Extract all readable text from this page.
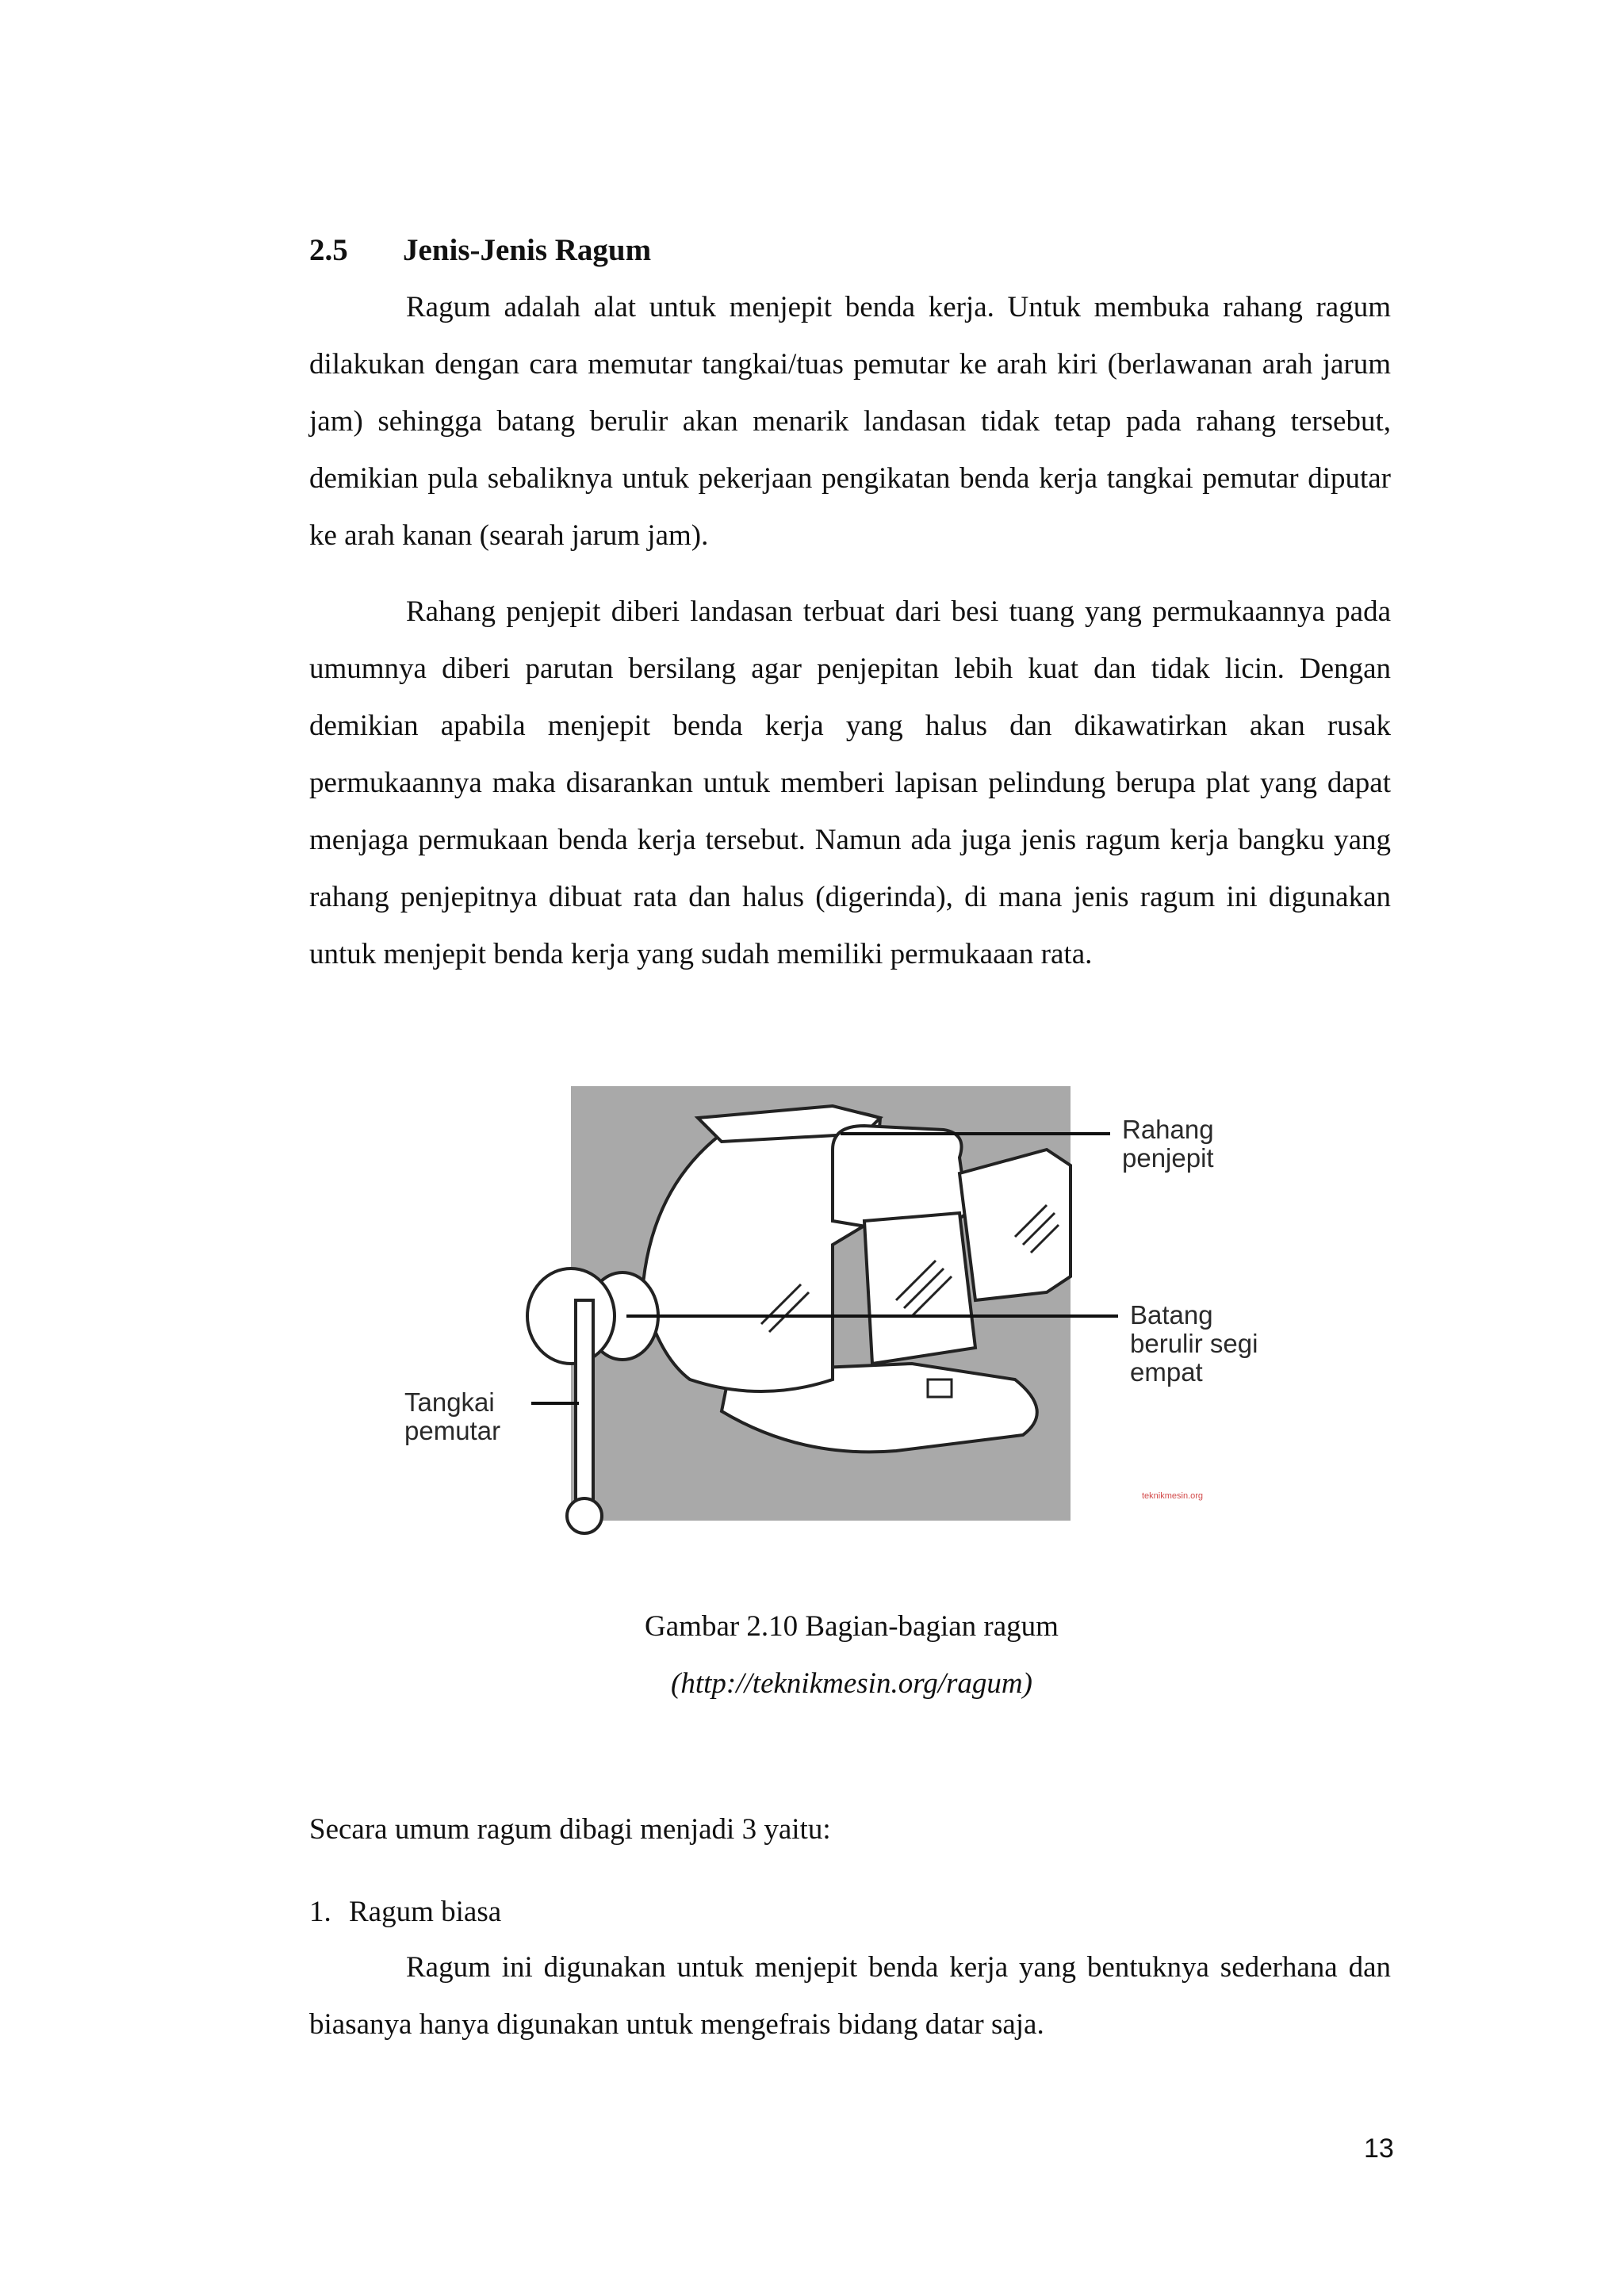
2.5 Jenis-Jenis Ragum

Ragum adalah alat untuk menjepit benda kerja. Untuk membuka rahang ragum dilakukan dengan cara memutar tangkai/tuas pemutar ke arah kiri (berlawanan arah jarum jam) sehingga batang berulir akan menarik landasan tidak tetap pada rahang tersebut, demikian pula sebaliknya untuk pekerjaan pengikatan benda kerja tangkai pemutar diputar ke arah kanan (searah jarum jam).

Rahang penjepit diberi landasan terbuat dari besi tuang yang permukaannya pada umumnya diberi parutan bersilang agar penjepitan lebih kuat dan tidak licin. Dengan demikian apabila menjepit benda kerja yang halus dan dikawatirkan akan rusak permukaannya maka disarankan untuk memberi lapisan pelindung berupa plat yang dapat menjaga permukaan benda kerja tersebut. Namun ada juga jenis ragum kerja bangku yang rahang penjepitnya dibuat rata dan halus (digerinda), di mana jenis ragum ini digunakan untuk menjepit benda kerja yang sudah memiliki permukaaan rata.

Rahang
penjepit
Batang
berulir segi
empat
Tangkai
pemutar
teknikmesin.org
Gambar 2.10 Bagian-bagian ragum
(http://teknikmesin.org/ragum)
Secara umum ragum dibagi menjadi 3 yaitu:
1. Ragum biasa

Ragum ini digunakan untuk menjepit benda kerja yang bentuknya sederhana dan biasanya hanya digunakan untuk mengefrais bidang datar saja.

13
